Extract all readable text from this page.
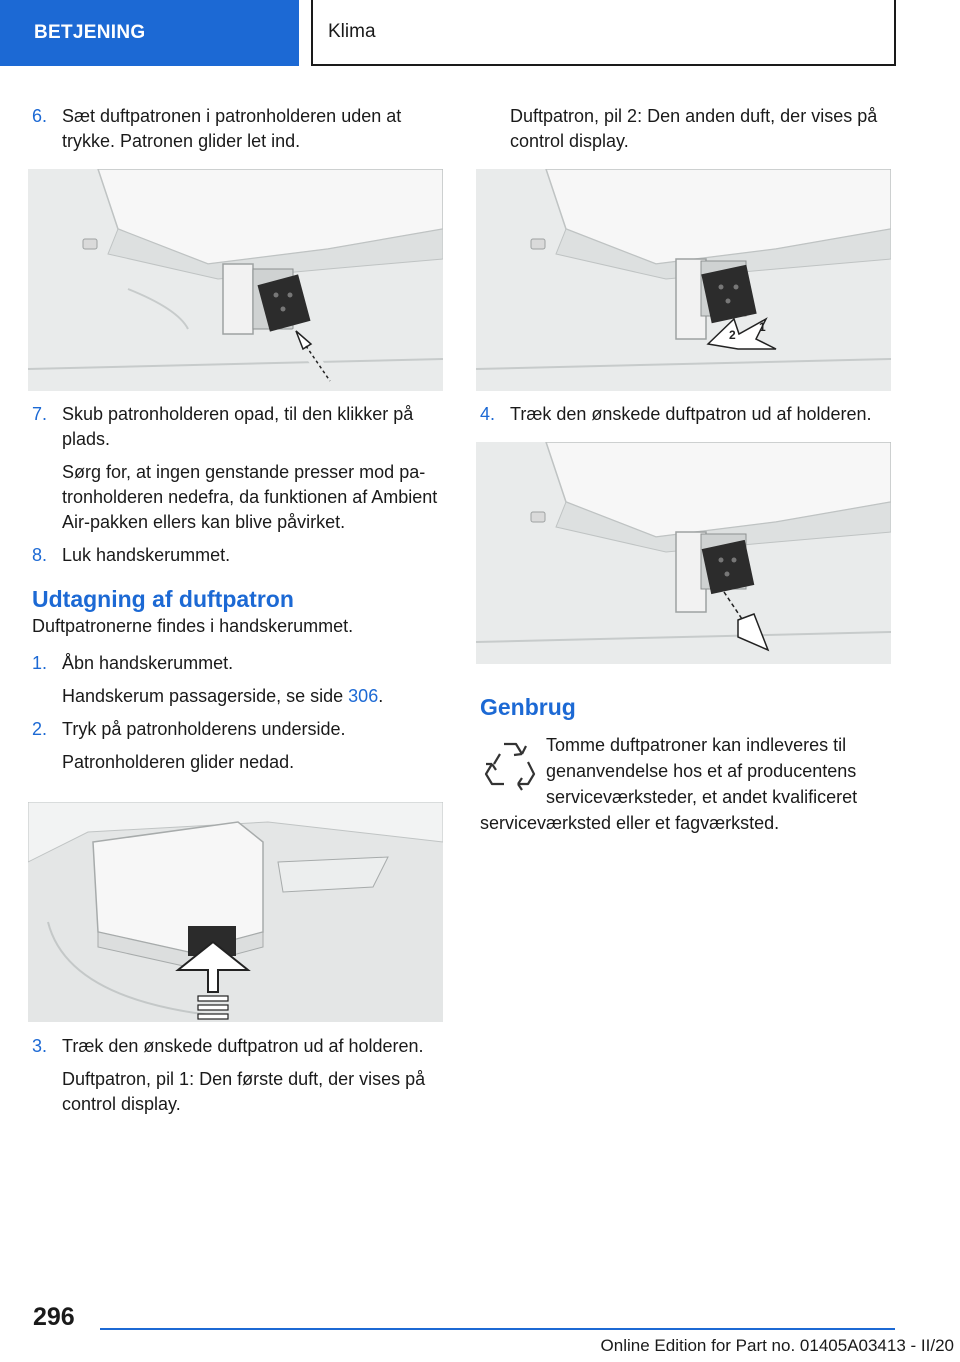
BETJENING	Klima
6. Sæt duftpatronen i patronholderen uden at trykke. Patronen glider let ind.
7. Skub patronholderen opad, til den klikker på plads.
Sørg for, at ingen genstande presser mod patronholderen nedefra, da funktionen af Ambient Air-pakken ellers kan blive påvirket.
8. Luk handskerummet.
Udtagning af duftpatron
Duftpatronerne findes i handskerummet.
1. Åbn handskerummet.
Handskerum passagerside, se side 306.
2. Tryk på patronholderens underside.
Patronholderen glider nedad.
3. Træk den ønskede duftpatron ud af holderen.
Duftpatron, pil 1: Den første duft, der vises på control display.
Duftpatron, pil 2: Den anden duft, der vises på control display.
2
1
4. Træk den ønskede duftpatron ud af holderen.
Genbrug
Tomme duftpatroner kan indleveres til genanvendelse hos et af producentens serviceværksteder, et andet kvalificeret serviceværksted eller et fagværksted.
296
Online Edition for Part no. 01405A03413 - II/20
